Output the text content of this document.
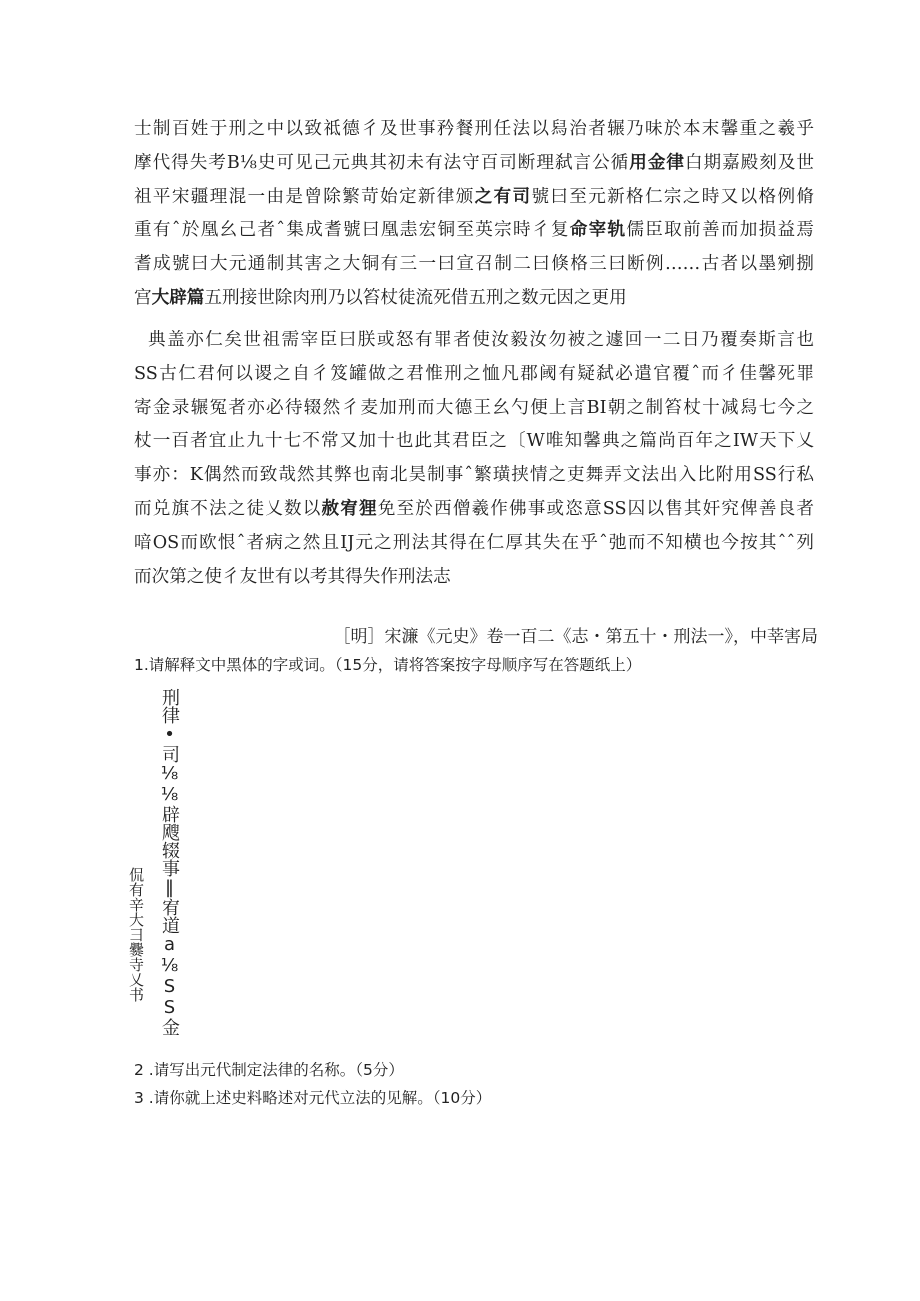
士制百姓于刑之中以致祗德彳及世事矜餐刑任法以舄治者辗乃味於本末馨重之羲乎
摩代得失考B⅛史可见己元典其初未有法守百司断理弑言公循用金律白期嘉殿刻及世
祖平宋疆理混一由是曾除繁苛始定新律颁之有司號曰至元新格仁宗之時又以格例脩
重有ˆ於凰幺己者ˆ集成耆號曰凰恚宏铜至英宗時彳复命宰轨儒臣取前善而加损益焉
耆成號曰大元通制其害之大铜有三一曰宣召制二曰倏格三曰断例……古者以墨剜捌
宫大辟篇五刑接世除肉刑乃以笞杖徒流死借五刑之数元因之更用
典盖亦仁矣世祖需宰臣曰朕或怒有罪者使汝毅汝勿被之遽回一二日乃覆奏斯言也
SS古仁君何以谡之自彳笈罐做之君惟刑之恤凡郡阈有疑弑必遣官覆ˆ而彳佳馨死罪
寄金录辗冤者亦必待辍然彳麦加刑而大德王幺勺便上言BI朝之制笞杖十减舄七今之
杖一百者宜止九十七不常又加十也此其君臣之〔W唯知馨典之篇尚百年之IW天下乂
事亦：K偶然而致哉然其弊也南北昊制事ˆ繁璜挟情之吏舞弄文法出入比附用SS行私
而兑旗不法之徒乂数以赦宥狸免至於西僧羲作佛事或恣意SS囚以售其奸究俾善良者
喑OS而欧恨ˆ者病之然且IJ元之刑法其得在仁厚其失在乎ˆ弛而不知横也今按其ˆˆ列
而次第之使彳友世有以考其得失作刑法志
［明］宋濂《元史》卷一百二《志・第五十・刑法一》，中莘害局
1.请解释文中黑体的字或词。（15分，请将答案按字母顺序写在答题纸上）
刑律•司⅛⅛辟飕辍事‖宥道a⅛SS金
侃有辛大彐爨寺乂书
2 .请写出元代制定法律的名称。（5分）
3 .请你就上述史料略述对元代立法的见解。（10分）
